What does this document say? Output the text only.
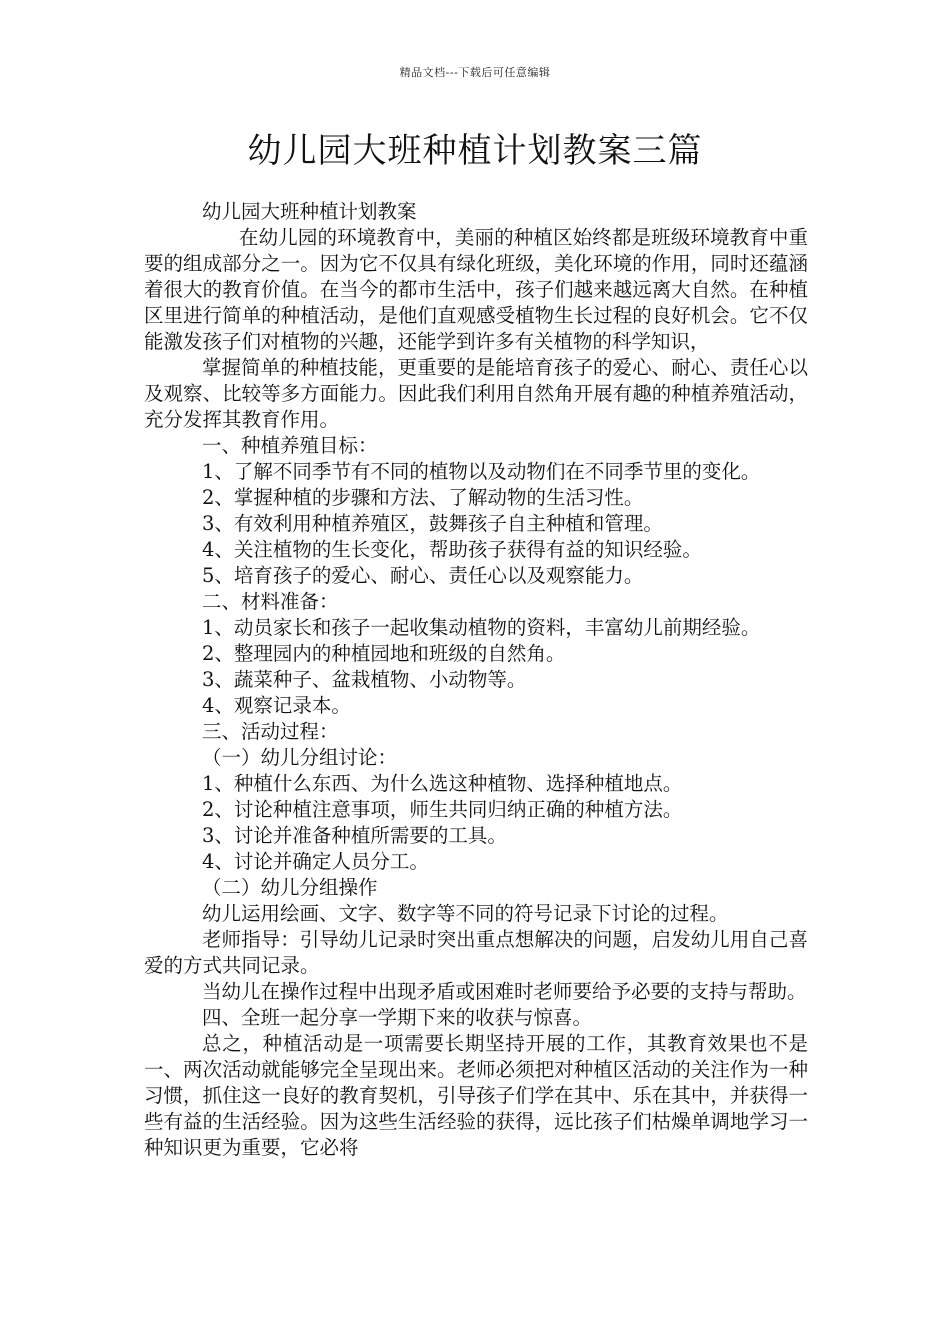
精品文档---下载后可任意编辑
幼儿园大班种植计划教案三篇

幼儿园大班种植计划教案

在幼儿园的环境教育中，美丽的种植区始终都是班级环境教育中重要的组成部分之一。因为它不仅具有绿化班级，美化环境的作用，同时还蕴涵着很大的教育价值。在当今的都市生活中，孩子们越来越远离大自然。在种植区里进行简单的种植活动，是他们直观感受植物生长过程的良好机会。它不仅能激发孩子们对植物的兴趣，还能学到许多有关植物的科学知识，

掌握简单的种植技能，更重要的是能培育孩子的爱心、耐心、责任心以及观察、比较等多方面能力。因此我们利用自然角开展有趣的种植养殖活动，充分发挥其教育作用。

一、种植养殖目标：

1、了解不同季节有不同的植物以及动物们在不同季节里的变化。

2、掌握种植的步骤和方法、了解动物的生活习性。

3、有效利用种植养殖区，鼓舞孩子自主种植和管理。

4、关注植物的生长变化，帮助孩子获得有益的知识经验。

5、培育孩子的爱心、耐心、责任心以及观察能力。

二、材料准备：

1、动员家长和孩子一起收集动植物的资料，丰富幼儿前期经验。

2、整理园内的种植园地和班级的自然角。

3、蔬菜种子、盆栽植物、小动物等。

4、观察记录本。

三、活动过程：

（一）幼儿分组讨论：

1、种植什么东西、为什么选这种植物、选择种植地点。

2、讨论种植注意事项，师生共同归纳正确的种植方法。

3、讨论并准备种植所需要的工具。

4、讨论并确定人员分工。

（二）幼儿分组操作

幼儿运用绘画、文字、数字等不同的符号记录下讨论的过程。

老师指导：引导幼儿记录时突出重点想解决的问题，启发幼儿用自己喜爱的方式共同记录。

当幼儿在操作过程中出现矛盾或困难时老师要给予必要的支持与帮助。

四、全班一起分享一学期下来的收获与惊喜。

总之，种植活动是一项需要长期坚持开展的工作，其教育效果也不是一、两次活动就能够完全呈现出来。老师必须把对种植区活动的关注作为一种习惯，抓住这一良好的教育契机，引导孩子们学在其中、乐在其中，并获得一些有益的生活经验。因为这些生活经验的获得，远比孩子们枯燥单调地学习一种知识更为重要，它必将
